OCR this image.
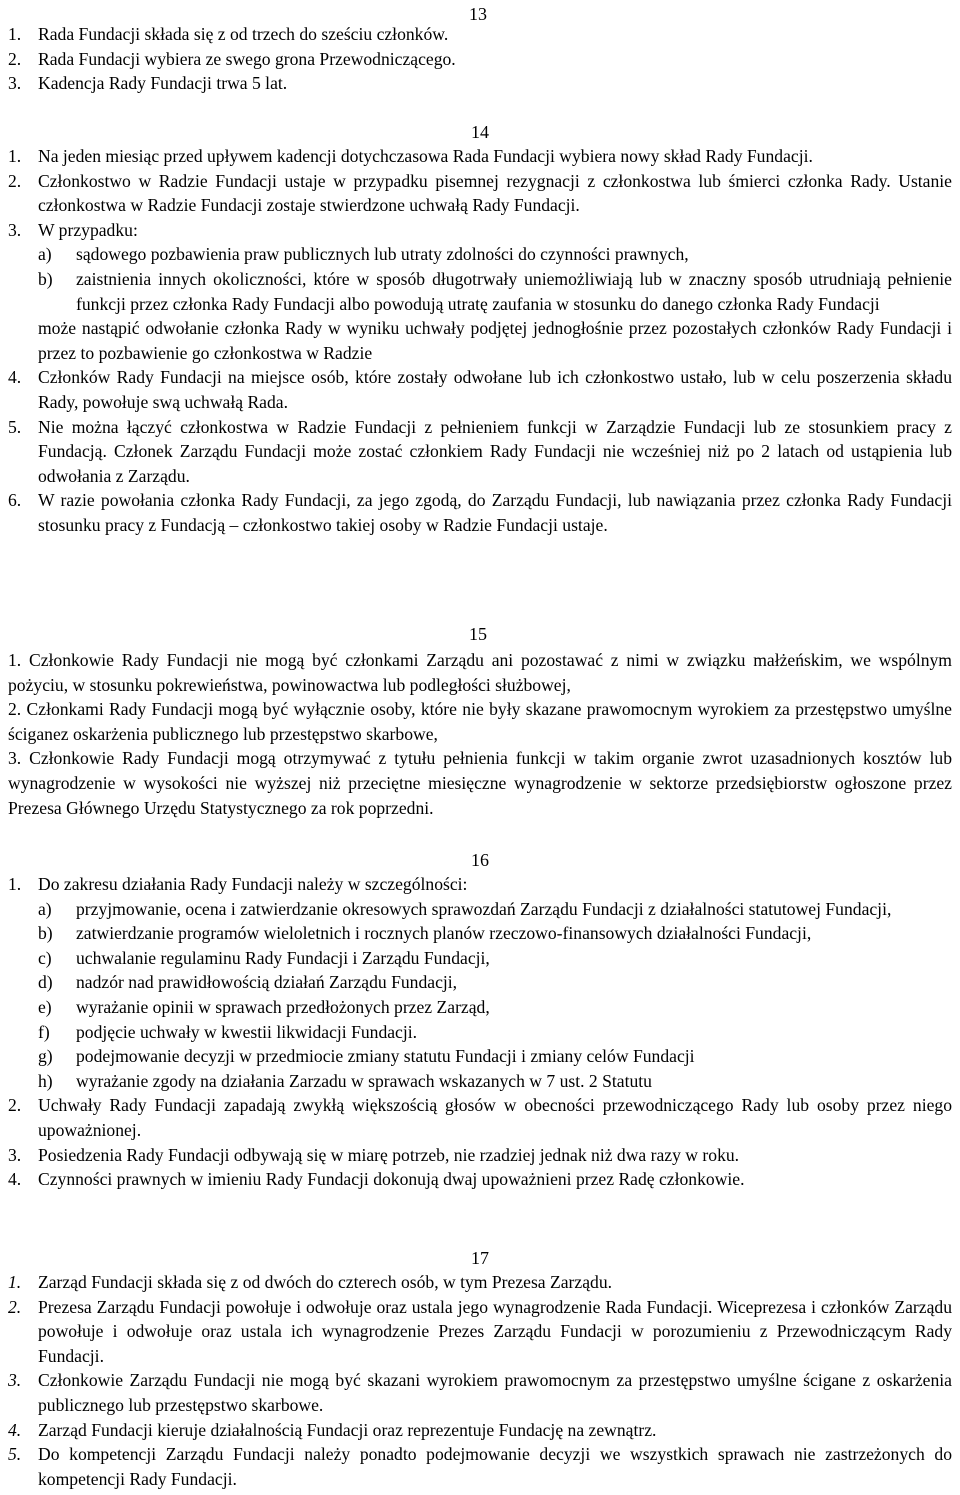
13
1. Rada Fundacji składa się z od trzech do sześciu członków.
2. Rada Fundacji wybiera ze swego grona Przewodniczącego.
3. Kadencja Rady Fundacji trwa 5 lat.
14
1. Na jeden miesiąc przed upływem kadencji dotychczasowa Rada Fundacji wybiera nowy skład Rady Fundacji.
2. Członkostwo w Radzie Fundacji ustaje w przypadku pisemnej rezygnacji z członkostwa lub śmierci członka Rady. Ustanie członkostwa w Radzie Fundacji zostaje stwierdzone uchwałą Rady Fundacji.
3. W przypadku:
a) sądowego pozbawienia praw publicznych lub utraty zdolności do czynności prawnych,
b) zaistnienia innych okoliczności, które w sposób długotrwały uniemożliwiają lub w znaczny sposób utrudniają pełnienie funkcji przez członka Rady Fundacji albo powodują utratę zaufania w stosunku do danego członka Rady Fundacji
może nastąpić odwołanie członka Rady w wyniku uchwały podjętej jednogłośnie przez pozostałych członków Rady Fundacji i przez to pozbawienie go członkostwa w Radzie
4. Członków Rady Fundacji na miejsce osób, które zostały odwołane lub ich członkostwo ustało, lub w celu poszerzenia składu Rady, powołuje swą uchwałą Rada.
5. Nie można łączyć członkostwa w Radzie Fundacji z pełnieniem funkcji w Zarządzie Fundacji lub ze stosunkiem pracy z Fundacją. Członek Zarządu Fundacji może zostać członkiem Rady Fundacji nie wcześniej niż po 2 latach od ustąpienia lub odwołania z Zarządu.
6. W razie powołania członka Rady Fundacji, za jego zgodą, do Zarządu Fundacji, lub nawiązania przez członka Rady Fundacji stosunku pracy z Fundacją – członkostwo takiej osoby w Radzie Fundacji ustaje.
15

1. Członkowie Rady Fundacji nie mogą być członkami Zarządu ani pozostawać z nimi w związku małżeńskim, we wspólnym pożyciu, w stosunku pokrewieństwa, powinowactwa lub podległości służbowej,

2. Członkami Rady Fundacji mogą być wyłącznie osoby, które nie były skazane prawomocnym wyrokiem za przestępstwo umyślne ściganez oskarżenia publicznego lub przestępstwo skarbowe,

3. Członkowie Rady Fundacji mogą otrzymywać z tytułu pełnienia funkcji w takim organie zwrot uzasadnionych kosztów lub wynagrodzenie w wysokości nie wyższej niż przeciętne miesięczne wynagrodzenie w sektorze przedsiębiorstw ogłoszone przez Prezesa Głównego Urzędu Statystycznego za rok poprzedni.

16
1. Do zakresu działania Rady Fundacji należy w szczególności:
a) przyjmowanie, ocena i zatwierdzanie okresowych sprawozdań Zarządu Fundacji z działalności statutowej Fundacji,
b) zatwierdzanie programów wieloletnich i rocznych planów rzeczowo-finansowych działalności Fundacji,
c) uchwalanie regulaminu Rady Fundacji i Zarządu Fundacji,
d) nadzór nad prawidłowością działań Zarządu Fundacji,
e) wyrażanie opinii w sprawach przedłożonych przez Zarząd,
f) podjęcie uchwały w kwestii likwidacji Fundacji.
g) podejmowanie decyzji w przedmiocie zmiany statutu Fundacji i zmiany celów Fundacji
h) wyrażanie zgody na działania Zarzadu w sprawach wskazanych w 7 ust. 2 Statutu
2. Uchwały Rady Fundacji zapadają zwykłą większością głosów w obecności przewodniczącego Rady lub osoby przez niego upoważnionej.
3. Posiedzenia Rady Fundacji odbywają się w miarę potrzeb, nie rzadziej jednak niż dwa razy w roku.
4. Czynności prawnych w imieniu Rady Fundacji dokonują dwaj upoważnieni przez Radę członkowie.
17
1. Zarząd Fundacji składa się z od dwóch do czterech osób, w tym Prezesa Zarządu.
2. Prezesa Zarządu Fundacji powołuje i odwołuje oraz ustala jego wynagrodzenie Rada Fundacji. Wiceprezesa i członków Zarządu powołuje i odwołuje oraz ustala ich wynagrodzenie Prezes Zarządu Fundacji w porozumieniu z Przewodniczącym Rady Fundacji.
3. Członkowie Zarządu Fundacji nie mogą być skazani wyrokiem prawomocnym za przestępstwo umyślne ścigane z oskarżenia publicznego lub przestępstwo skarbowe.
4. Zarząd Fundacji kieruje działalnością Fundacji oraz reprezentuje Fundację na zewnątrz.
5. Do kompetencji Zarządu Fundacji należy ponadto podejmowanie decyzji we wszystkich sprawach nie zastrzeżonych do kompetencji Rady Fundacji.
